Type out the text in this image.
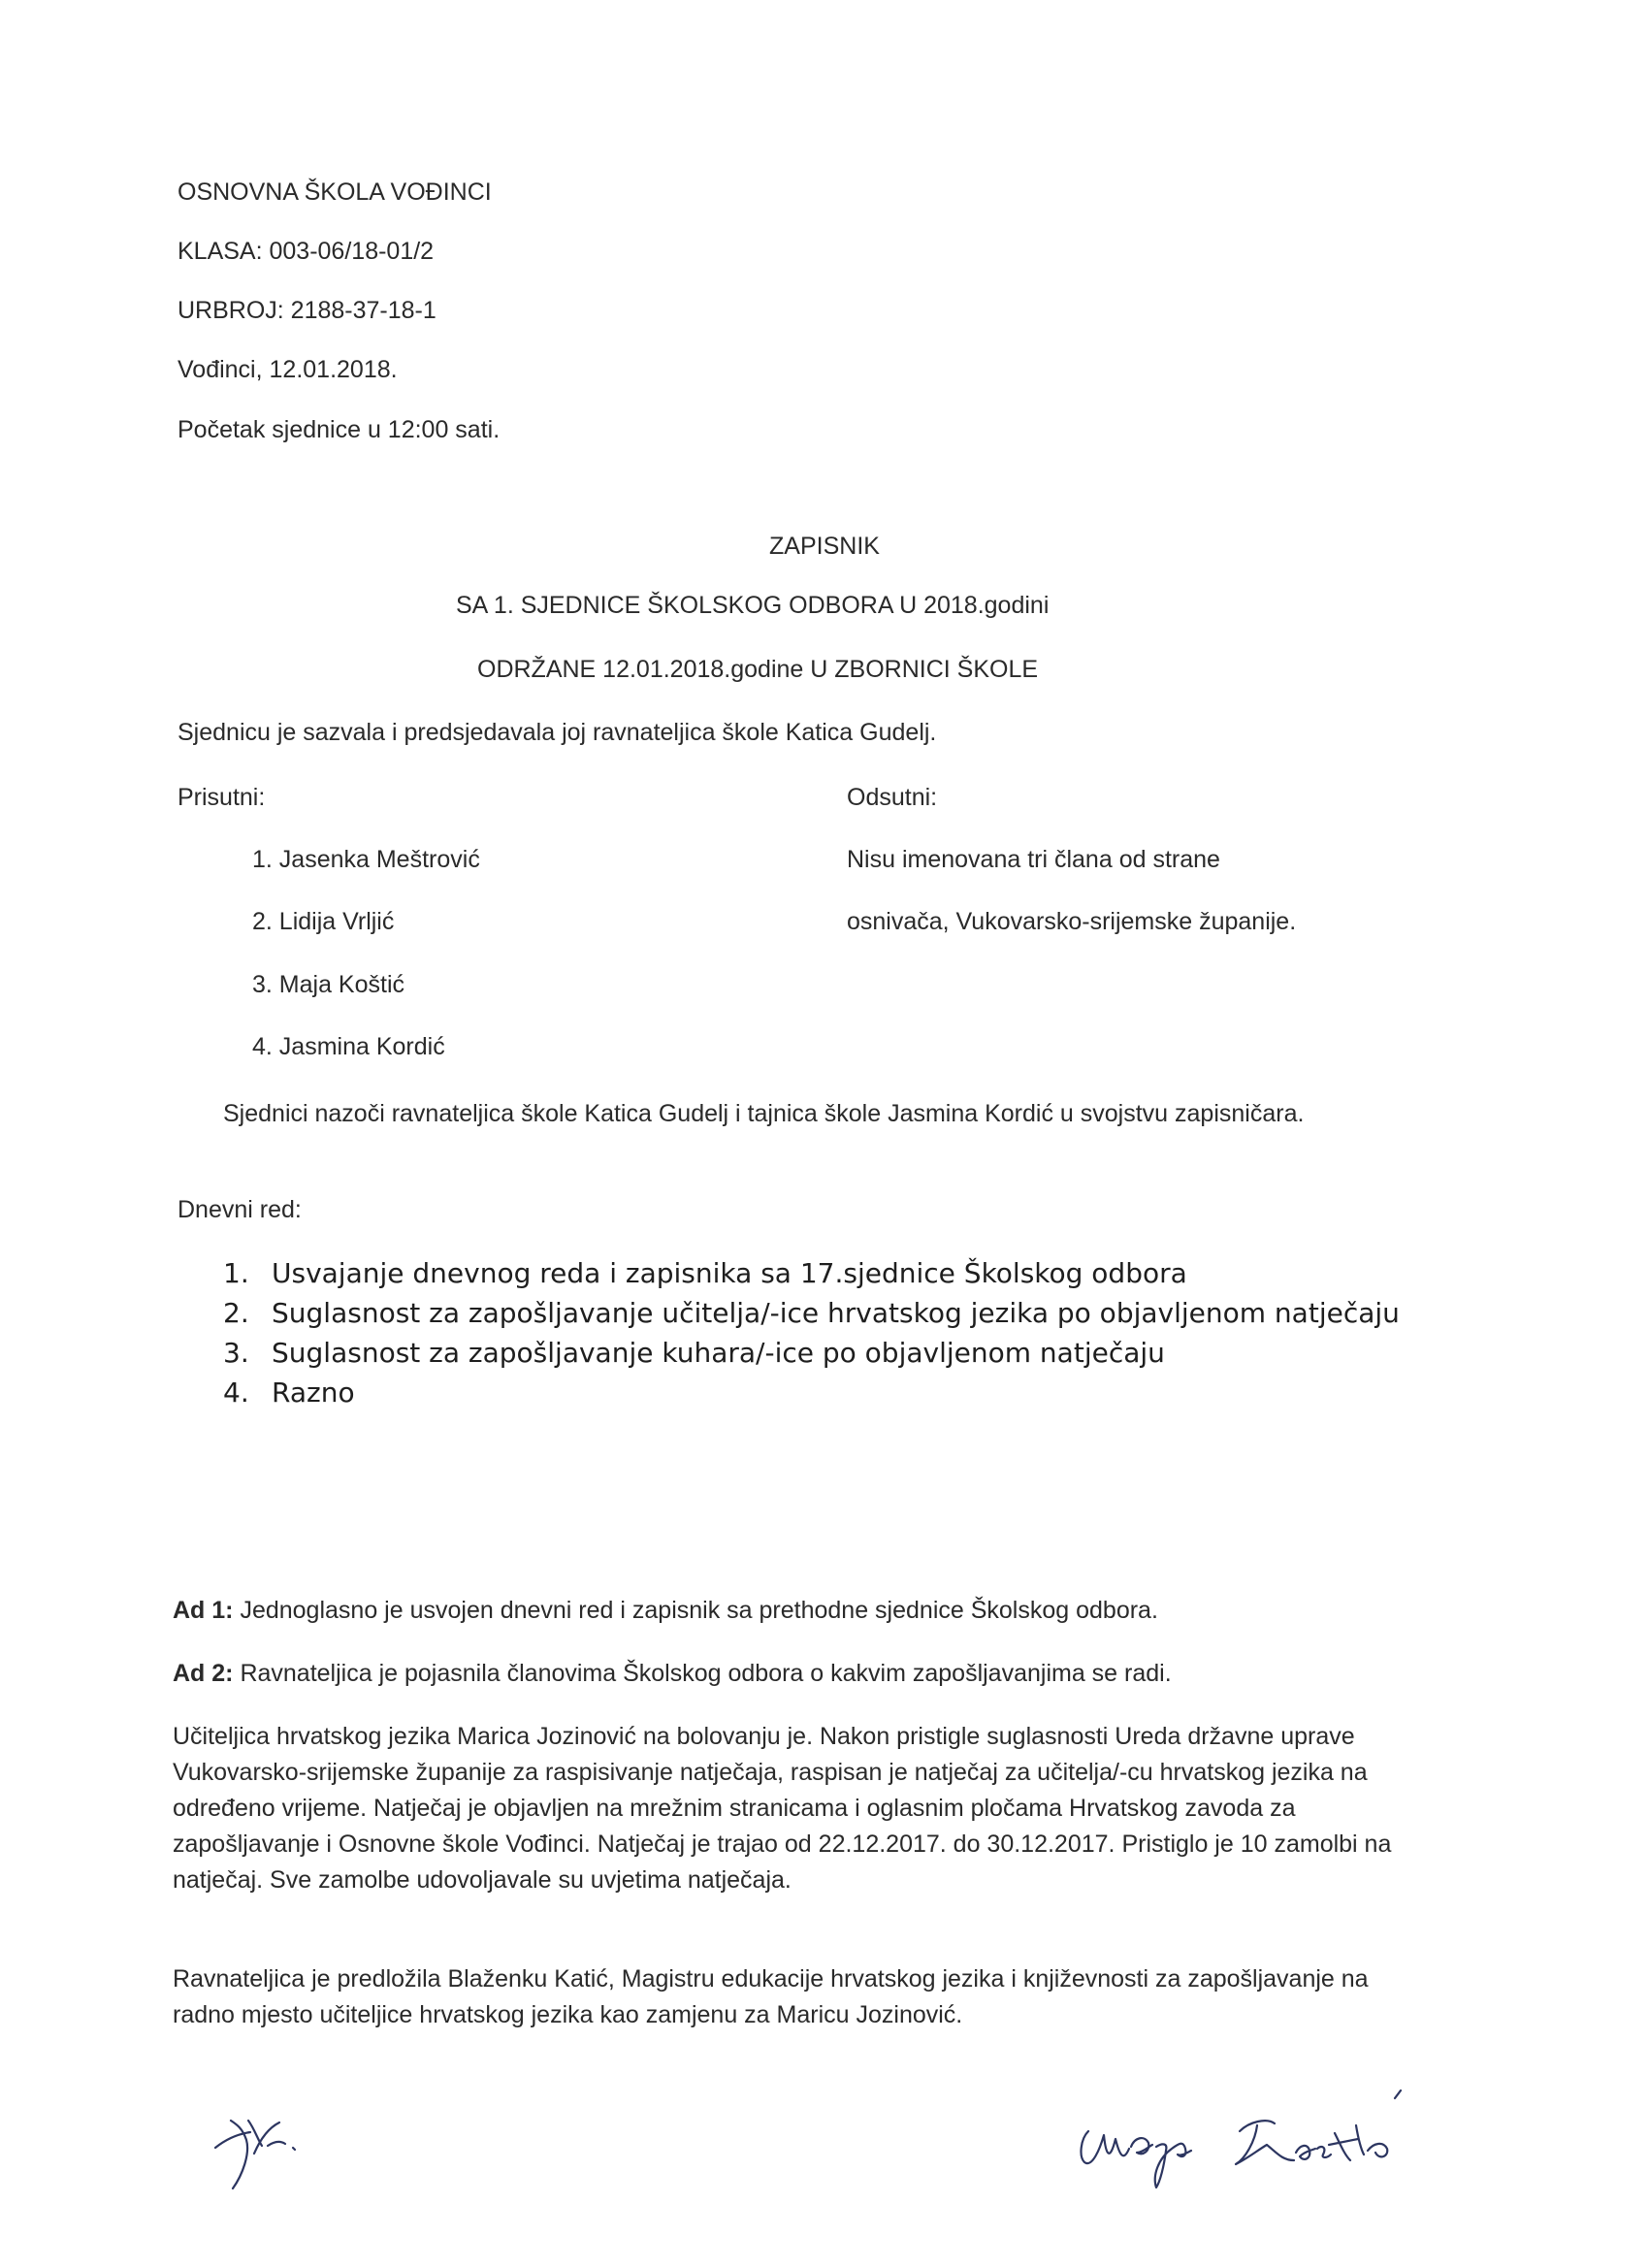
OSNOVNA ŠKOLA VOĐINCI
KLASA: 003-06/18-01/2
URBROJ: 2188-37-18-1
Vođinci, 12.01.2018.
Početak sjednice u 12:00 sati.
ZAPISNIK
SA 1. SJEDNICE ŠKOLSKOG ODBORA U 2018.godini
ODRŽANE 12.01.2018.godine U ZBORNICI ŠKOLE
Sjednicu je sazvala i predsjedavala joj ravnateljica škole Katica Gudelj.
Prisutni:	Odsutni:
1. Jasenka Meštrović
2. Lidija Vrljić
3. Maja Koštić
4. Jasmina Kordić
Nisu imenovana tri člana od strane
osnivača, Vukovarsko-srijemske županije.
Sjednici nazoči ravnateljica škole Katica Gudelj i tajnica škole Jasmina Kordić u svojstvu zapisničara.
Dnevni red:
1. Usvajanje dnevnog reda i zapisnika sa 17.sjednice Školskog odbora
2. Suglasnost za zapošljavanje učitelja/-ice hrvatskog jezika po objavljenom natječaju
3. Suglasnost za zapošljavanje kuhara/-ice po objavljenom natječaju
4. Razno
Ad 1: Jednoglasno je usvojen dnevni red i zapisnik sa prethodne sjednice Školskog odbora.
Ad 2: Ravnateljica je pojasnila članovima Školskog odbora o kakvim zapošljavanjima se radi.
Učiteljica hrvatskog jezika Marica Jozinović na bolovanju je. Nakon pristigle suglasnosti Ureda državne uprave Vukovarsko-srijemske županije za raspisivanje natječaja, raspisan je natječaj za učitelja/-cu hrvatskog jezika na određeno vrijeme. Natječaj je objavljen na mrežnim stranicama i oglasnim pločama Hrvatskog zavoda za zapošljavanje i Osnovne škole Vođinci. Natječaj je trajao od 22.12.2017. do 30.12.2017. Pristiglo je 10 zamolbi na natječaj. Sve zamolbe udovoljavale su uvjetima natječaja.
Ravnateljica je predložila Blaženku Katić, Magistru edukacije hrvatskog jezika i književnosti za zapošljavanje na radno mjesto učiteljice hrvatskog jezika kao zamjenu za Maricu Jozinović.
